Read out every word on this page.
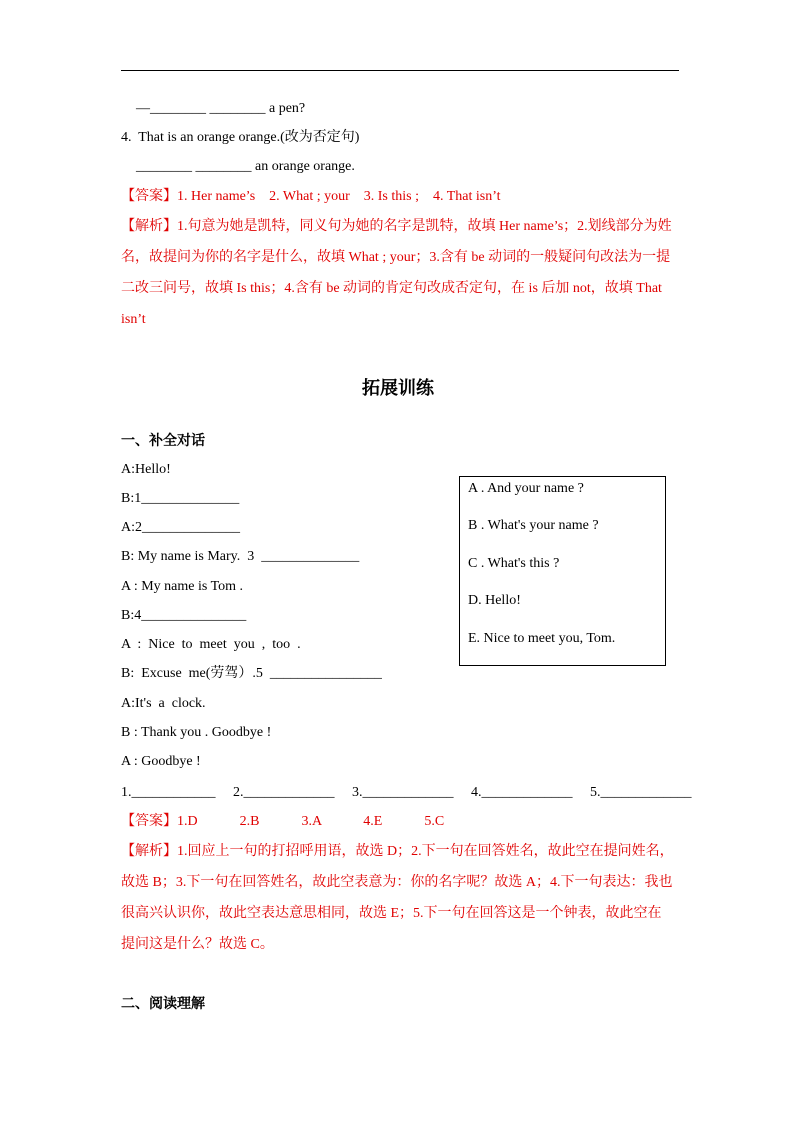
—________ ________ a pen?
4.  That is an orange orange.(改为否定句)
________ ________ an orange orange.
【答案】1. Her name’s    2. What ; your    3. Is this ;    4. That isn’t
【解析】1.句意为她是凯特，同义句为她的名字是凯特，故填 Her name’s；2.划线部分为姓
名，故提问为你的名字是什么，故填 What ; your；3.含有 be 动词的一般疑问句改法为一提
二改三问号，故填 Is this；4.含有 be 动词的肯定句改成否定句，在 is 后加 not，故填 That
isn’t
拓展训练
一、补全对话
A:Hello!
B:1______________
A:2______________
B: My name is Mary.  3  ______________
A : My name is Tom .
B:4_______________
A  :  Nice  to  meet  you  ,  too  .
B:  Excuse  me(劳驾）.5  ________________
A:It's  a  clock.
B : Thank you . Goodbye !
A : Goodbye !
A . And your name ?
B . What's your name ?
C . What's this ?
D. Hello!
E. Nice to meet you, Tom.
1.____________     2._____________     3._____________     4._____________     5._____________
【答案】1.D            2.B            3.A            4.E            5.C
【解析】1.回应上一句的打招呼用语，故选 D；2.下一句在回答姓名，故此空在提问姓名，
故选 B；3.下一句在回答姓名，故此空表意为：你的名字呢？故选 A；4.下一句表达：我也
很高兴认识你，故此空表达意思相同，故选 E；5.下一句在回答这是一个钟表，故此空在
提问这是什么？故选 C。
二、阅读理解
